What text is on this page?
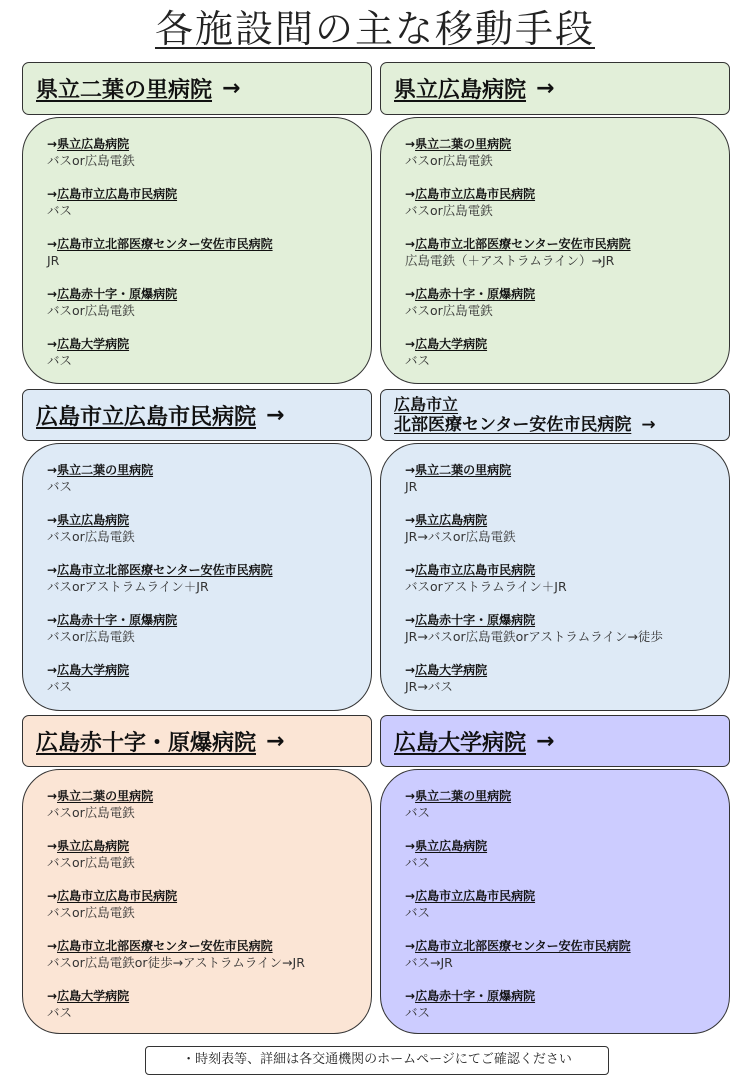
各施設間の主な移動手段
県立二葉の里病院 →
→県立広島病院
バスor広島電鉄
→広島市立広島市民病院
バス
→広島市立北部医療センター安佐市民病院
JR
→広島赤十字・原爆病院
バスor広島電鉄
→広島大学病院
バス
県立広島病院 →
→県立二葉の里病院
バスor広島電鉄
→広島市立広島市民病院
バスor広島電鉄
→広島市立北部医療センター安佐市民病院
広島電鉄（＋アストラムライン）→JR
→広島赤十字・原爆病院
バスor広島電鉄
→広島大学病院
バス
広島市立広島市民病院 →
→県立二葉の里病院
バス
→県立広島病院
バスor広島電鉄
→広島市立北部医療センター安佐市民病院
バスorアストラムライン＋JR
→広島赤十字・原爆病院
バスor広島電鉄
→広島大学病院
バス
広島市立
北部医療センター安佐市民病院 →
→県立二葉の里病院
JR
→県立広島病院
JR→バスor広島電鉄
→広島市立広島市民病院
バスorアストラムライン＋JR
→広島赤十字・原爆病院
JR→バスor広島電鉄orアストラムライン→徒歩
→広島大学病院
JR→バス
広島赤十字・原爆病院 →
→県立二葉の里病院
バスor広島電鉄
→県立広島病院
バスor広島電鉄
→広島市立広島市民病院
バスor広島電鉄
→広島市立北部医療センター安佐市民病院
バスor広島電鉄or徒歩→アストラムライン→JR
→広島大学病院
バス
広島大学病院 →
→県立二葉の里病院
バス
→県立広島病院
バス
→広島市立広島市民病院
バス
→広島市立北部医療センター安佐市民病院
バス→JR
→広島赤十字・原爆病院
バス
・時刻表等、詳細は各交通機関のホームページにてご確認ください
